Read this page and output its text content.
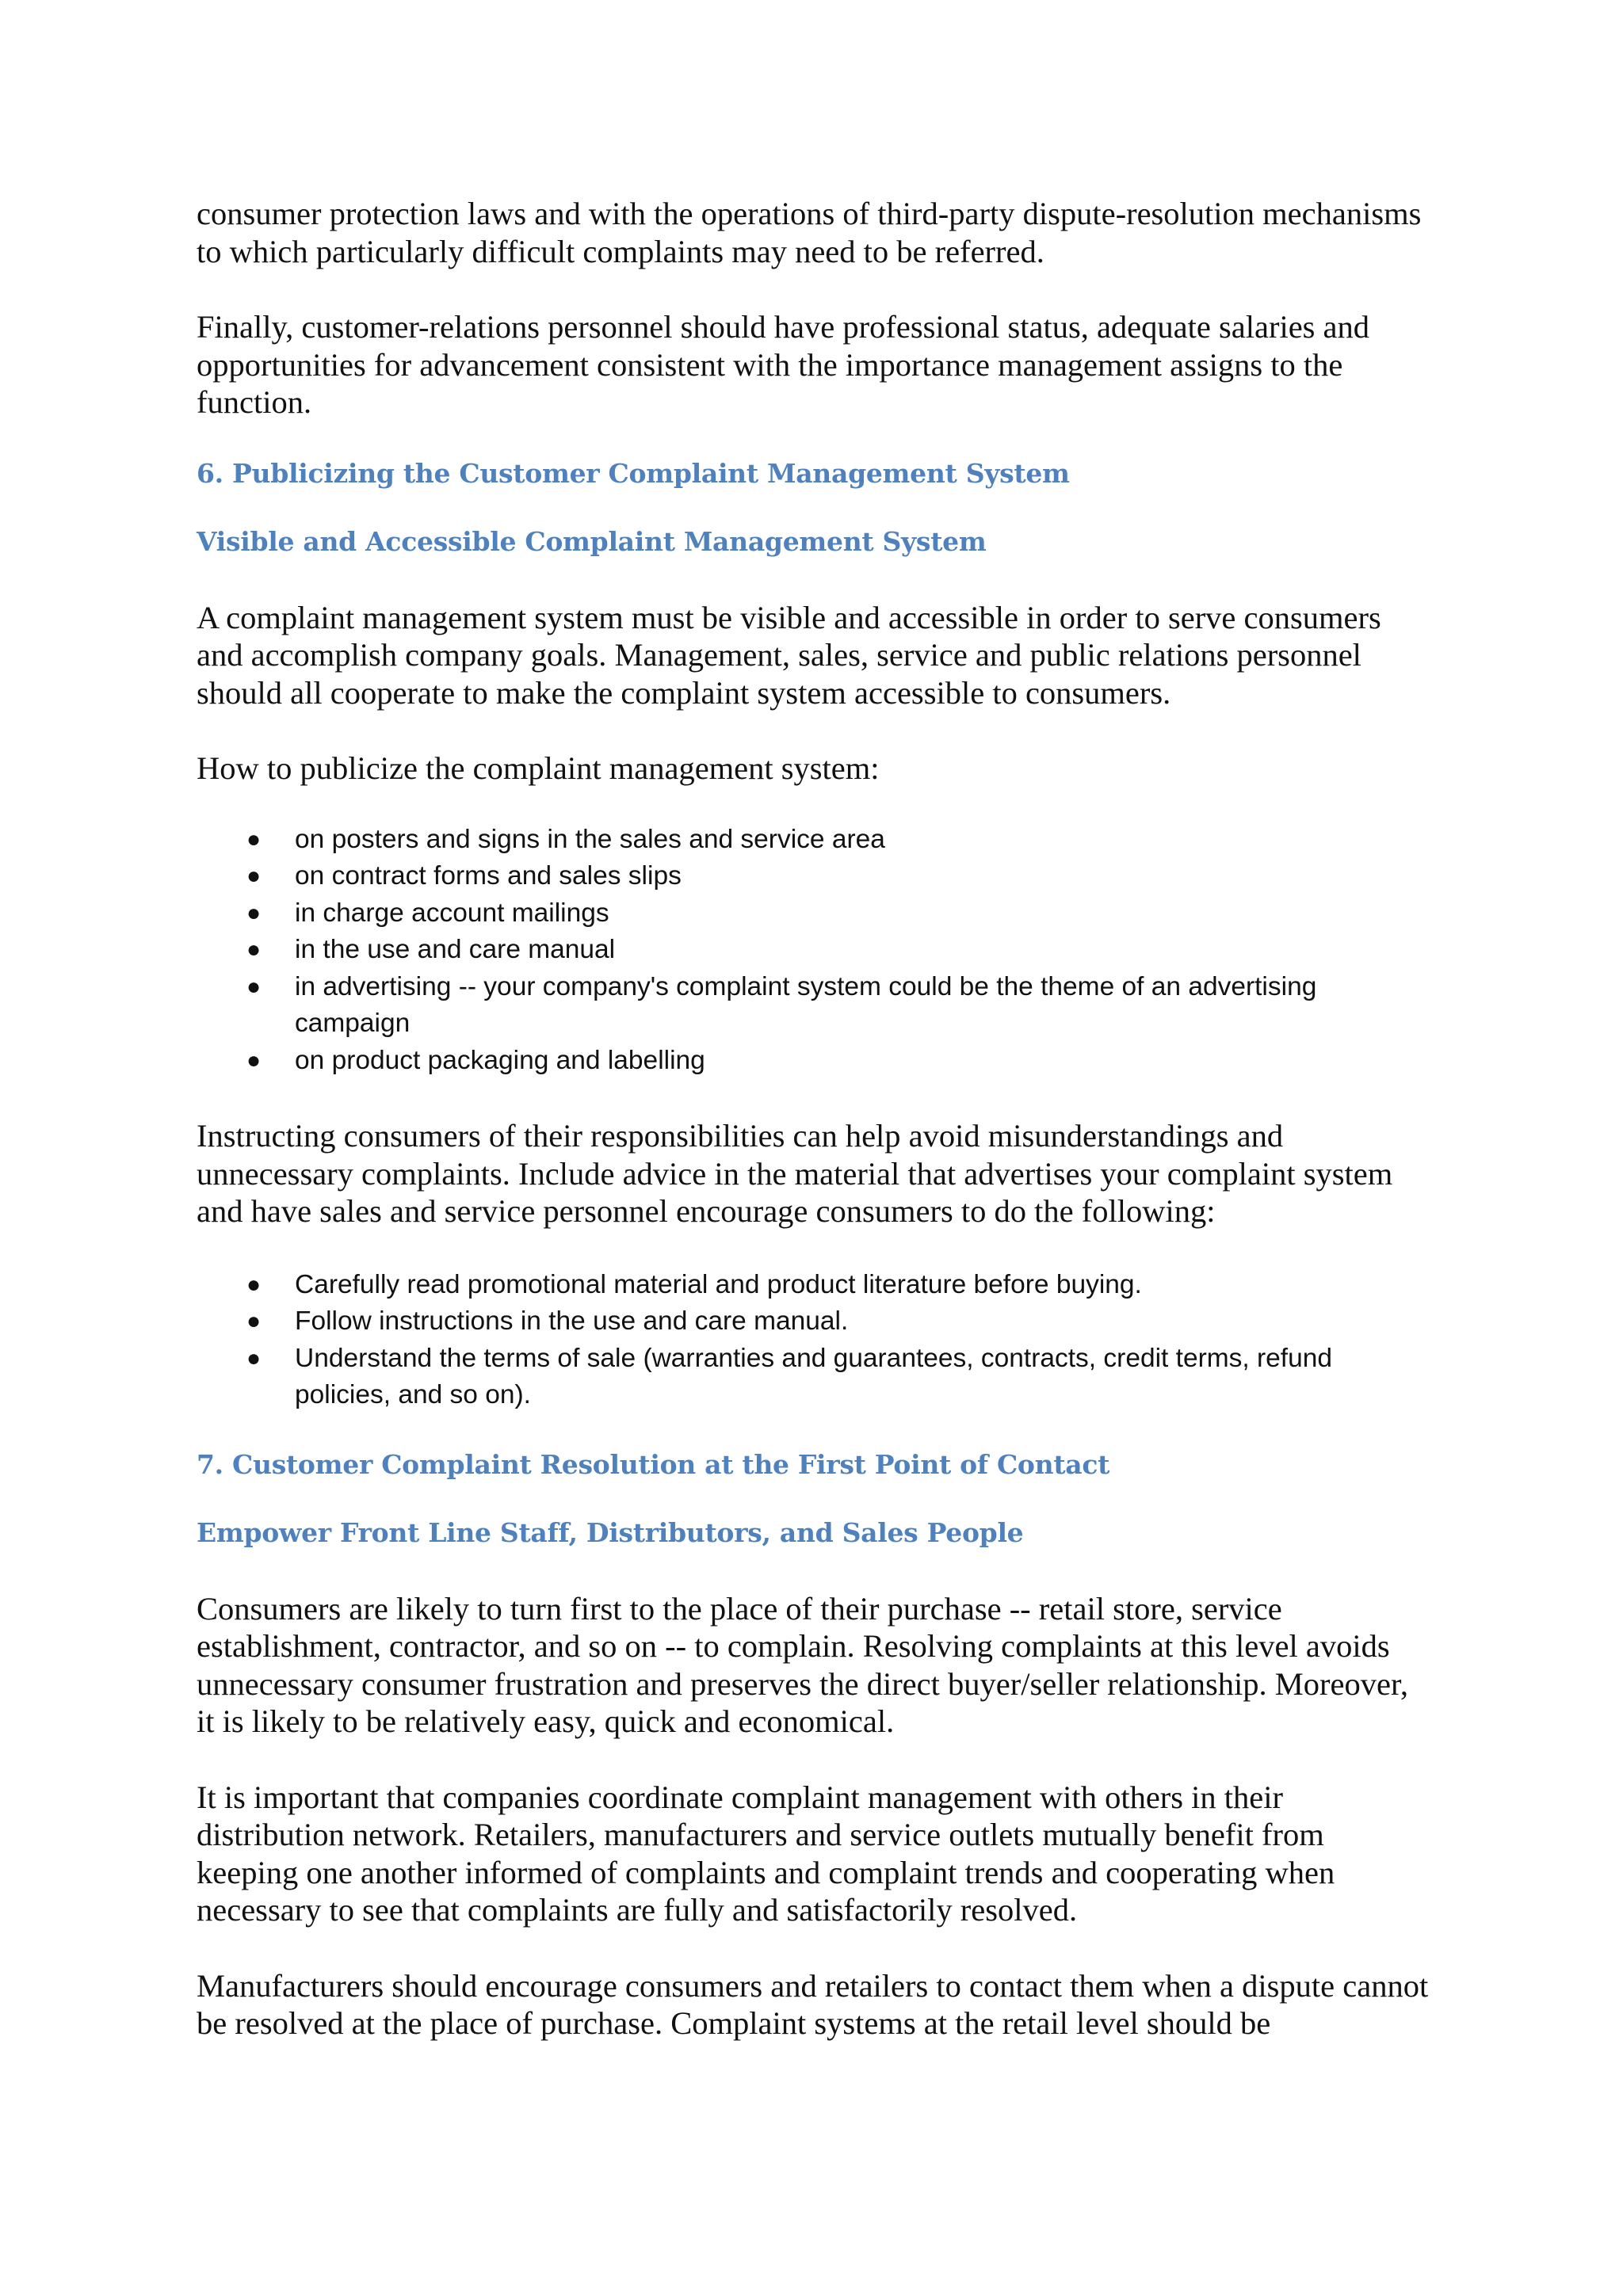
consumer protection laws and with the operations of third-party dispute-resolution mechanisms to which particularly difficult complaints may need to be referred.

Finally, customer-relations personnel should have professional status, adequate salaries and opportunities for advancement consistent with the importance management assigns to the function.

6. Publicizing the Customer Complaint Management System
Visible and Accessible Complaint Management System

A complaint management system must be visible and accessible in order to serve consumers and accomplish company goals. Management, sales, service and public relations personnel should all cooperate to make the complaint system accessible to consumers.

How to publicize the complaint management system:

● on posters and signs in the sales and service area
● on contract forms and sales slips
● in charge account mailings
● in the use and care manual
● in advertising -- your company's complaint system could be the theme of an advertising campaign
● on product packaging and labelling

Instructing consumers of their responsibilities can help avoid misunderstandings and unnecessary complaints. Include advice in the material that advertises your complaint system and have sales and service personnel encourage consumers to do the following:

● Carefully read promotional material and product literature before buying.
● Follow instructions in the use and care manual.
● Understand the terms of sale (warranties and guarantees, contracts, credit terms, refund policies, and so on).
7. Customer Complaint Resolution at the First Point of Contact
Empower Front Line Staff, Distributors, and Sales People

Consumers are likely to turn first to the place of their purchase -- retail store, service establishment, contractor, and so on -- to complain. Resolving complaints at this level avoids unnecessary consumer frustration and preserves the direct buyer/seller relationship. Moreover, it is likely to be relatively easy, quick and economical.

It is important that companies coordinate complaint management with others in their distribution network. Retailers, manufacturers and service outlets mutually benefit from keeping one another informed of complaints and complaint trends and cooperating when necessary to see that complaints are fully and satisfactorily resolved.

Manufacturers should encourage consumers and retailers to contact them when a dispute cannot be resolved at the place of purchase. Complaint systems at the retail level should be
